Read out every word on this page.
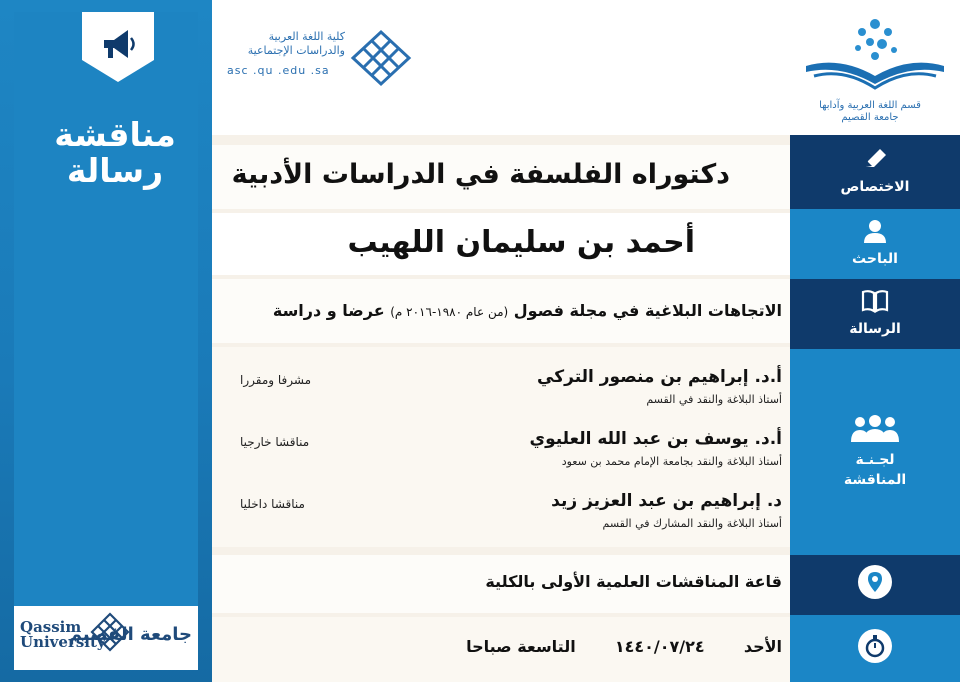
مناقشة
رسالة
Qassim
University
جامعة القصيم
كلية اللغة العربية
والدراسات الإجتماعية
asc .qu .edu .sa
قسم اللغة العربية وآدابها
جامعة القصيم
الاختصاص
الباحث
الرسالة
لجـنـة
المناقشة
دكتوراه الفلسفة في الدراسات الأدبية
أحمد بن سليمان اللهيب
الاتجاهات البلاغية في مجلة فصول (من عام ١٩٨٠-٢٠١٦ م) عرضا و دراسة
أ.د. إبراهيم بن منصور التركي
أستاذ البلاغة والنقد في القسم
مشرفا ومقررا
أ.د. يوسف بن عبد الله العليوي
أستاذ البلاغة والنقد بجامعة الإمام محمد بن سعود
مناقشا خارجيا
د. إبراهيم بن عبد العزيز زيد
أستاذ البلاغة والنقد المشارك في القسم
مناقشا داخليا
قاعة المناقشات العلمية الأولى بالكلية
الأحد  ١٤٤٠/٠٧/٢٤  التاسعة صباحا
